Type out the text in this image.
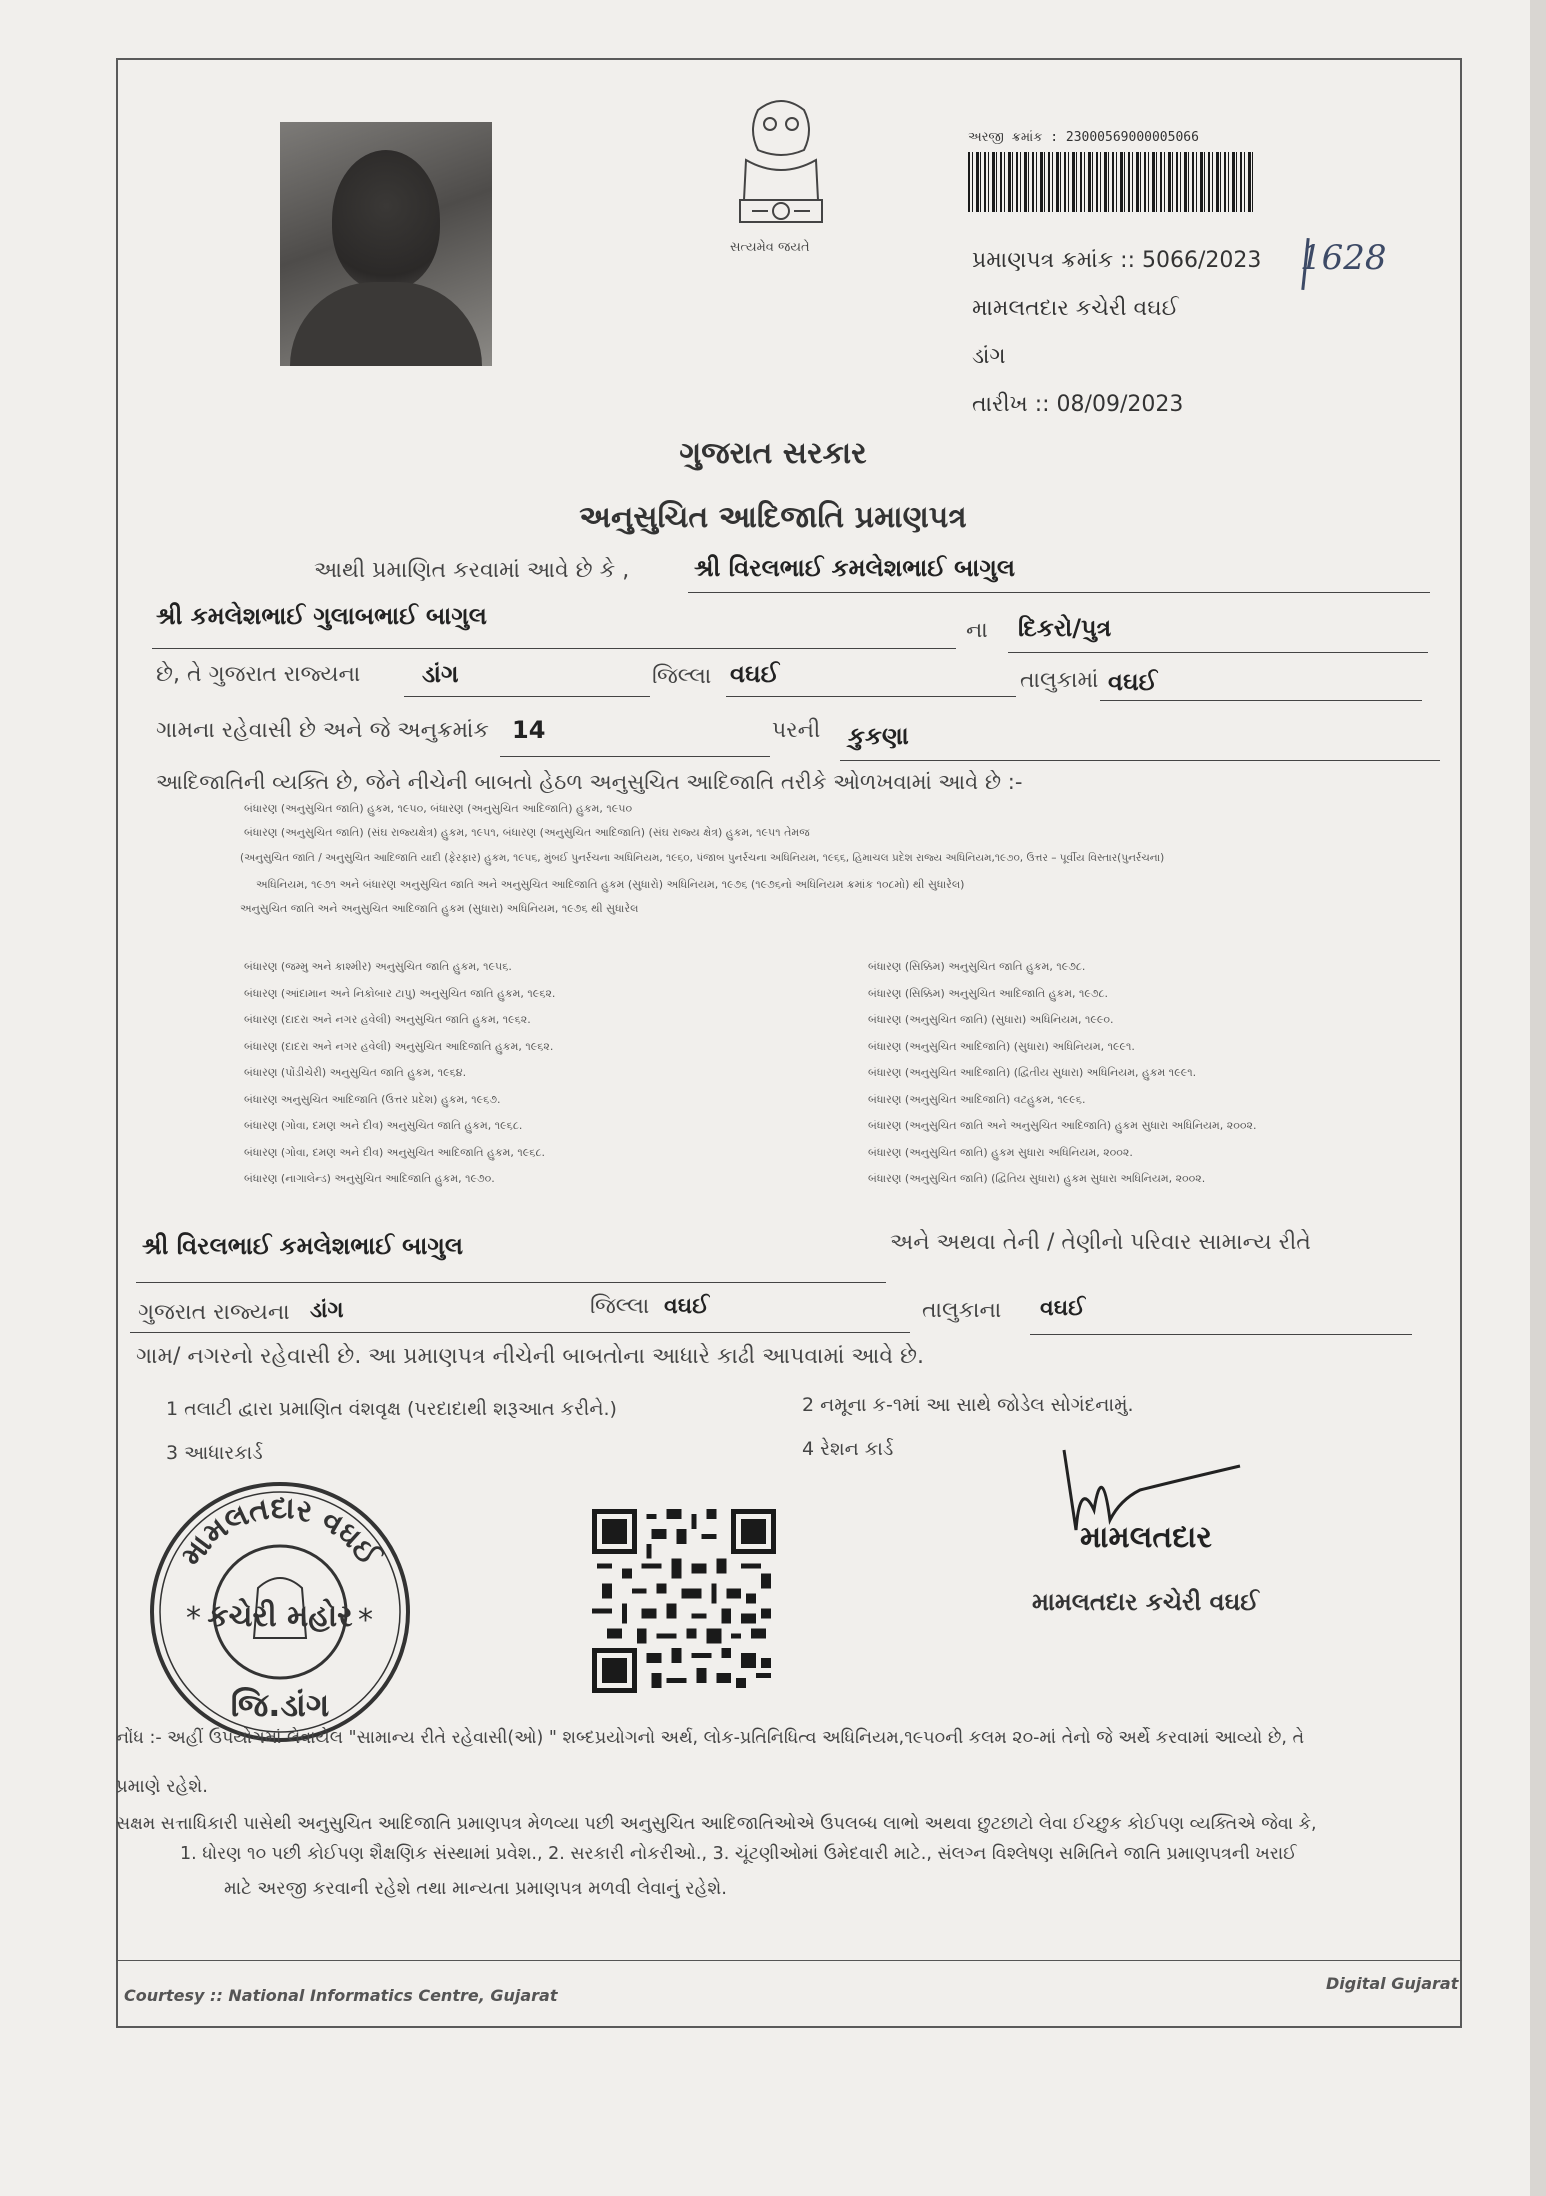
સત્યમેવ જયતે
અરજી ક્રમાંક : 23000569000005066
પ્રમાણપત્ર ક્રમાંક :: 5066/2023 1628
મામલતદાર કચેરી વઘઈ
ડાંગ
તારીખ :: 08/09/2023
ગુજરાત સરકાર
અનુસુચિત આદિજાતિ પ્રમાણપત્ર
આથી પ્રમાણિત કરવામાં આવે છે કે ,	શ્રી વિરલભાઈ કમલેશભાઈ બાગુલ
શ્રી કમલેશભાઈ ગુલાબભાઈ બાગુલ
ના દિકરો/પુત્ર
છે, તે ગુજરાત રાજ્યના	ડાંગ	જિલ્લા વઘઈ	તાલુકામાં વઘઈ
ગામના રહેવાસી છે અને જે અનુક્રમાંક 14	પરની કુકણા
આદિજાતિની વ્યક્તિ છે, જેને નીચેની બાબતો હેઠળ અનુસુચિત આદિજાતિ તરીકે ઓળખવામાં આવે છે :-
બંધારણ (અનુસુચિત જાતિ) હુકમ, ૧૯૫૦, બંધારણ (અનુસુચિત આદિજાતિ) હુકમ, ૧૯૫૦
બંધારણ (અનુસુચિત જાતિ) (સંઘ રાજ્યક્ષેત્ર) હુકમ, ૧૯૫૧, બંધારણ (અનુસુચિત આદિજાતિ) (સંઘ રાજ્ય ક્ષેત્ર) હુકમ, ૧૯૫૧ તેમજ
(અનુસુચિત જાતિ / અનુસુચિત આદિજાતિ યાદી (ફેરફાર) હુકમ, ૧૯૫૬, મુંબઈ પુનર્રચના અધિનિયમ, ૧૯૬૦, પંજાબ પુનર્રચના અધિનિયમ, ૧૯૬૬, હિમાચલ પ્રદેશ રાજ્ય અધિનિયમ,૧૯૭૦, ઉત્તર – પૂર્વીય વિસ્તાર(પુનર્રચના)
અધિનિયમ, ૧૯૭૧ અને બંધારણ અનુસુચિત જાતિ અને અનુસુચિત આદિજાતિ હુકમ (સુધારો) અધિનિયમ, ૧૯૭૬ (૧૯૭૬નો અધિનિયમ ક્રમાંક ૧૦૮મો) થી સુધારેલ)
અનુસુચિત જાતિ અને અનુસુચિત આદિજાતિ હુકમ (સુધારા) અધિનિયમ, ૧૯૭૬ થી સુધારેલ
બંધારણ (જમ્મુ અને કાશ્મીર) અનુસુચિત જાતિ હુકમ, ૧૯૫૬.
બંધારણ (આંદામાન અને નિકોબાર ટાપુ) અનુસુચિત જાતિ હુકમ, ૧૯૬૨.
બંધારણ (દાદરા અને નગર હવેલી) અનુસુચિત જાતિ હુકમ, ૧૯૬૨.
બંધારણ (દાદરા અને નગર હવેલી) અનુસુચિત આદિજાતિ હુકમ, ૧૯૬૨.
બંધારણ (પોંડીચેરી) અનુસુચિત જાતિ હુકમ, ૧૯૬૪.
બંધારણ અનુસુચિત આદિજાતિ (ઉત્તર પ્રદેશ) હુકમ, ૧૯૬૭.
બંધારણ (ગોવા, દમણ અને દીવ) અનુસુચિત જાતિ હુકમ, ૧૯૬૮.
બંધારણ (ગોવા, દમણ અને દીવ) અનુસુચિત આદિજાતિ હુકમ, ૧૯૬૮.
બંધારણ (નાગાલેન્ડ) અનુસુચિત આદિજાતિ હુકમ, ૧૯૭૦.
બંધારણ (સિક્કિમ) અનુસુચિત જાતિ હુકમ, ૧૯૭૮.
બંધારણ (સિક્કિમ) અનુસુચિત આદિજાતિ હુકમ, ૧૯૭૮.
બંધારણ (અનુસુચિત જાતિ) (સુધારા) અધિનિયમ, ૧૯૯૦.
બંધારણ (અનુસુચિત આદિજાતિ) (સુધારા) અધિનિયમ, ૧૯૯૧.
બંધારણ (અનુસુચિત આદિજાતિ) (દ્વિતીય સુધારા) અધિનિયમ, હુકમ ૧૯૯૧.
બંધારણ (અનુસુચિત આદિજાતિ) વટહુકમ, ૧૯૯૬.
બંધારણ (અનુસુચિત જાતિ અને અનુસુચિત આદિજાતિ) હુકમ સુધારા અધિનિયમ, ૨૦૦૨.
બંધારણ (અનુસુચિત જાતિ) હુકમ સુધારા અધિનિયમ, ૨૦૦૨.
બંધારણ (અનુસુચિત જાતિ) (દ્વિતિય સુધારા) હુકમ સુધારા અધિનિયમ, ૨૦૦૨.
શ્રી વિરલભાઈ કમલેશભાઈ બાગુલ	અને અથવા તેની / તેણીનો પરિવાર સામાન્ય રીતે
ગુજરાત રાજ્યના ડાંગ	જિલ્લા વઘઈ	તાલુકાના વઘઈ
ગામ/ નગરનો રહેવાસી છે. આ પ્રમાણપત્ર નીચેની બાબતોના આધારે કાઢી આપવામાં આવે છે.
1 તલાટી દ્વારા પ્રમાણિત વંશવૃક્ષ (પરદાદાથી શરૂઆત કરીને.)	2 નમૂના ક-૧માં આ સાથે જોડેલ સોગંદનામું.
3 આધારકાર્ડ	4 રેશન કાર્ડ
મામલતદાર વઘઈ
કચેરી મહોર
જિ.ડાંગ
*	*
મામલતદાર
મામલતદાર કચેરી વઘઈ
નોંધ :- અહીં ઉપયોગમાં લેવાયેલ "સામાન્ય રીતે રહેવાસી(ઓ) " શબ્દપ્રયોગનો અર્થ, લોક-પ્રતિનિધિત્વ અધિનિયમ,૧૯૫૦ની કલમ ૨૦-માં તેનો જે અર્થે કરવામાં આવ્યો છે, તે
પ્રમાણે રહેશે.
સક્ષમ સત્તાધિકારી પાસેથી અનુસુચિત આદિજાતિ પ્રમાણપત્ર મેળવ્યા પછી અનુસુચિત આદિજાતિઓએ ઉપલબ્ધ લાભો અથવા છુટછાટો લેવા ઈચ્છુક કોઈપણ વ્યક્તિએ જેવા કે,
1. ધોરણ ૧૦ પછી કોઈપણ શૈક્ષણિક સંસ્થામાં પ્રવેશ., 2. સરકારી નોકરીઓ., 3. ચૂંટણીઓમાં ઉમેદવારી માટે., સંલગ્ન વિશ્લેષણ સમિતિને જાતિ પ્રમાણપત્રની ખરાઈ
માટે અરજી કરવાની રહેશે તથા માન્યતા પ્રમાણપત્ર મળવી લેવાનું રહેશે.
Courtesy :: National Informatics Centre, Gujarat
Digital Gujarat
